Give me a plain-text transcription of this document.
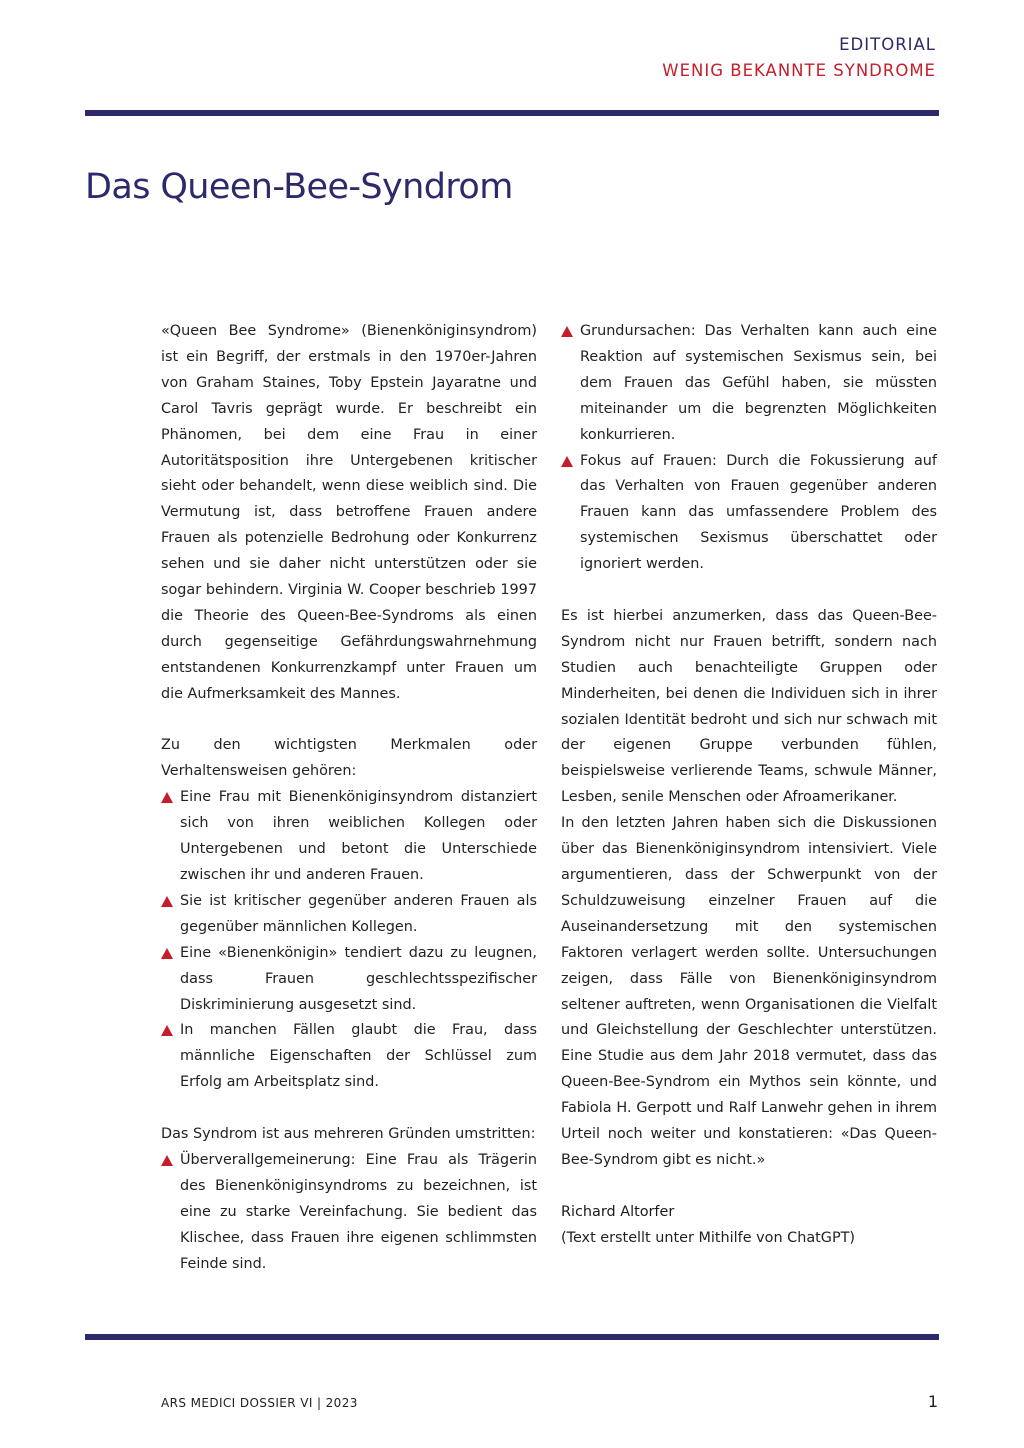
EDITORIAL
WENIG BEKANNTE SYNDROME
Das Queen-Bee-Syndrom

«Queen Bee Syndrome» (Bienenköniginsyndrom) ist ein Begriff, der erstmals in den 1970er-Jahren von Graham Staines, Toby Epstein Jayaratne und Carol Tavris geprägt wurde. Er beschreibt ein Phänomen, bei dem eine Frau in einer Autoritätsposition ihre Untergebenen kritischer sieht oder behandelt, wenn diese weiblich sind. Die Vermutung ist, dass betroffene Frauen andere Frauen als potenzielle Bedrohung oder Konkurrenz sehen und sie daher nicht unterstützen oder sie sogar behindern. Virginia W. Cooper beschrieb 1997 die Theorie des Queen-Bee-Syndroms als einen durch gegenseitige Gefährdungswahrnehmung entstandenen Konkurrenzkampf unter Frauen um die Aufmerksamkeit des Mannes.

Zu den wichtigsten Merkmalen oder Verhaltensweisen gehören:

Eine Frau mit Bienenköniginsyndrom distanziert sich von ihren weiblichen Kollegen oder Untergebenen und betont die Unterschiede zwischen ihr und anderen Frauen.
Sie ist kritischer gegenüber anderen Frauen als gegenüber männlichen Kollegen.
Eine «Bienenkönigin» tendiert dazu zu leugnen, dass Frauen geschlechtsspezifischer Diskriminierung ausgesetzt sind.
In manchen Fällen glaubt die Frau, dass männliche Eigenschaften der Schlüssel zum Erfolg am Arbeitsplatz sind.

Das Syndrom ist aus mehreren Gründen umstritten:

Überverallgemeinerung: Eine Frau als Trägerin des Bienenköniginsyndroms zu bezeichnen, ist eine zu starke Vereinfachung. Sie bedient das Klischee, dass Frauen ihre eigenen schlimmsten Feinde sind.
Grundursachen: Das Verhalten kann auch eine Reaktion auf systemischen Sexismus sein, bei dem Frauen das Gefühl haben, sie müssten miteinander um die begrenzten Möglichkeiten konkurrieren.
Fokus auf Frauen: Durch die Fokussierung auf das Verhalten von Frauen gegenüber anderen Frauen kann das umfassendere Problem des systemischen Sexismus überschattet oder ignoriert werden.

Es ist hierbei anzumerken, dass das Queen-Bee-Syndrom nicht nur Frauen betrifft, sondern nach Studien auch benachteiligte Gruppen oder Minderheiten, bei denen die Individuen sich in ihrer sozialen Identität bedroht und sich nur schwach mit der eigenen Gruppe verbunden fühlen, beispielsweise verlierende Teams, schwule Männer, Lesben, senile Menschen oder Afroamerikaner.

In den letzten Jahren haben sich die Diskussionen über das Bienenköniginsyndrom intensiviert. Viele argumentieren, dass der Schwerpunkt von der Schuldzuweisung einzelner Frauen auf die Auseinandersetzung mit den systemischen Faktoren verlagert werden sollte. Untersuchungen zeigen, dass Fälle von Bienenköniginsyndrom seltener auftreten, wenn Organisationen die Vielfalt und Gleichstellung der Geschlechter unterstützen. Eine Studie aus dem Jahr 2018 vermutet, dass das Queen-Bee-Syndrom ein Mythos sein könnte, und Fabiola H. Gerpott und Ralf Lanwehr gehen in ihrem Urteil noch weiter und konstatieren: «Das Queen-Bee-Syndrom gibt es nicht.»

Richard Altorfer

(Text erstellt unter Mithilfe von ChatGPT)

ARS MEDICI DOSSIER VI | 2023	1
